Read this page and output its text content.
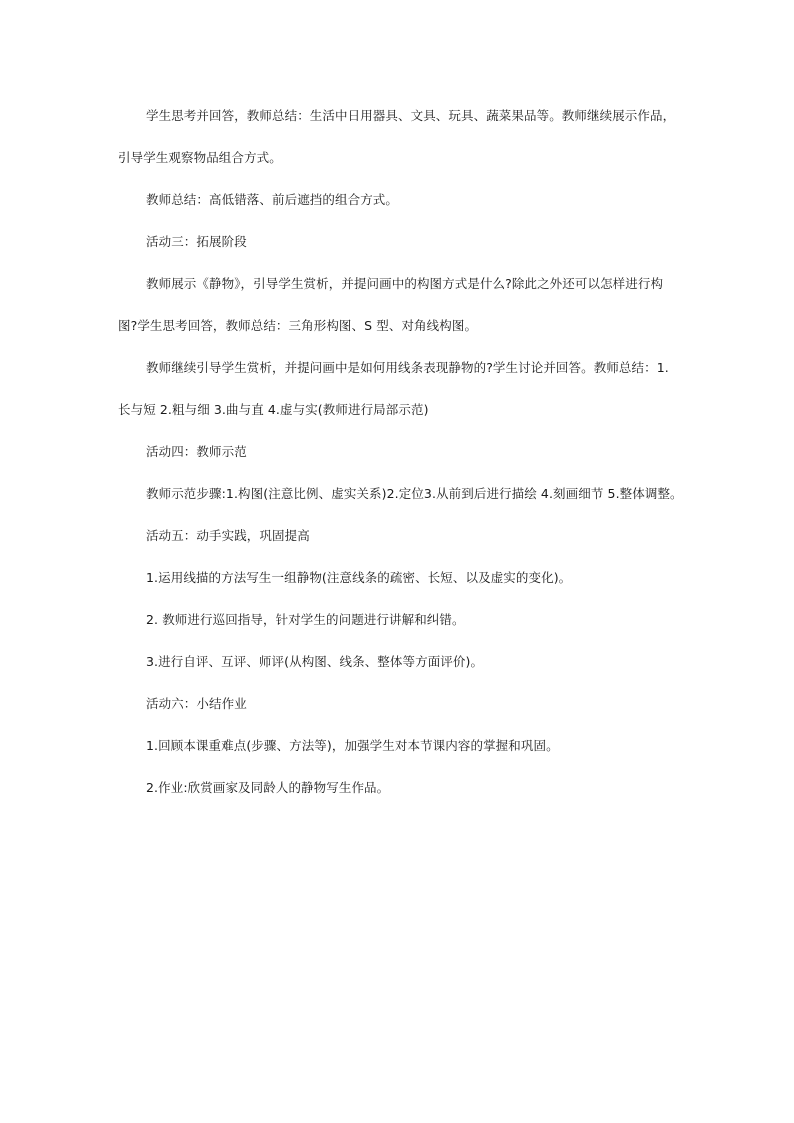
学生思考并回答，教师总结：生活中日用器具、文具、玩具、蔬菜果品等。教师继续展示作品，

引导学生观察物品组合方式。

教师总结：高低错落、前后遮挡的组合方式。

活动三：拓展阶段

教师展示《静物》，引导学生赏析，并提问画中的构图方式是什么?除此之外还可以怎样进行构

图?学生思考回答，教师总结：三角形构图、S 型、对角线构图。

教师继续引导学生赏析，并提问画中是如何用线条表现静物的?学生讨论并回答。教师总结：1.

长与短 2.粗与细 3.曲与直 4.虚与实(教师进行局部示范)

活动四：教师示范

教师示范步骤:1.构图(注意比例、虚实关系)2.定位3.从前到后进行描绘 4.刻画细节 5.整体调整。

活动五：动手实践，巩固提高

1.运用线描的方法写生一组静物(注意线条的疏密、长短、以及虚实的变化)。

2. 教师进行巡回指导，针对学生的问题进行讲解和纠错。

3.进行自评、互评、师评(从构图、线条、整体等方面评价)。

活动六：小结作业

1.回顾本课重难点(步骤、方法等)，加强学生对本节课内容的掌握和巩固。

2.作业:欣赏画家及同龄人的静物写生作品。
